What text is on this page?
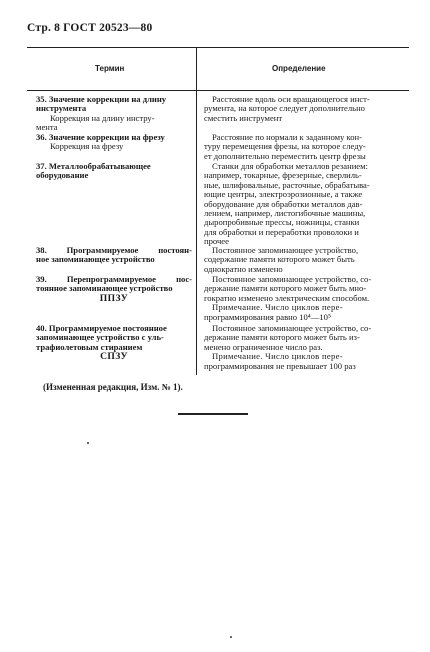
Стр. 8 ГОСТ 20523—80
Термин	Определение
35. Значение коррекции на длину
инструмента
Коррекция на длину инстру-
мента
Расстояние вдоль оси вращающегося инст-
румента, на которое следует дополнительно
сместить инструмент
36. Значение коррекции на фрезу
Коррекция на фрезу
Расстояние по нормали к заданному кон-
туру перемещения фрезы, на которое следу-
ет дополнительно переместить центр фрезы
37. Металлообрабатывающее
оборудование
Станки для обработки металлов резанием:
например, токарные, фрезерные, сверлиль-
ные, шлифовальные, расточные, обрабатыва-
ющие центры, электроэрозионные, а также
оборудование для обработки металлов дав-
лением, например, листогибочные машины,
дыропробивные прессы, ножницы, станки
для обработки и переработки проволоки и
прочее
38. Программируемое постоян-
ное запоминающее устройство
Постоянное запоминающее устройство,
содержание памяти которого может быть
однократно изменено
39. Перепрограммируемое пос-
тоянное запоминающее устройство
ППЗУ
Постоянное запоминающее устройство, со-
держание памяти которого может быть мно-
гократно изменено электрическим способом.
Примечание. Число циклов пере-
программирования равно 10⁴—10⁵
40. Программируемое постоянное
запоминающее устройство с уль-
трафиолетовым стиранием
СПЗУ
Постоянное запоминающее устройство, со-
держание памяти которого может быть из-
менено ограниченное число раз.
Примечание. Число циклов пере-
программирования не превышает 100 раз
(Измененная редакция, Изм. № 1).
